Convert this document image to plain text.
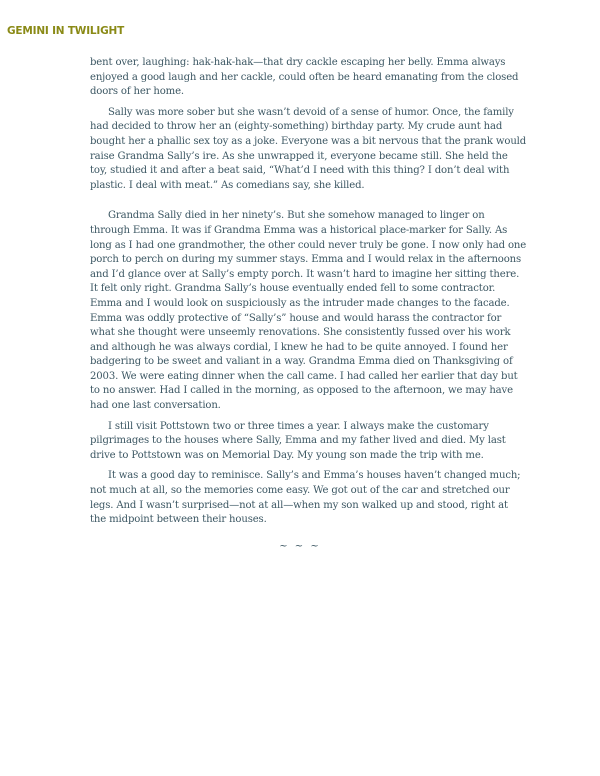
GEMINI IN TWILIGHT

bent over, laughing: hak-hak-hak—that dry cackle escaping her belly. Emma always enjoyed a good laugh and her cackle, could often be heard emanating from the closed doors of her home.

Sally was more sober but she wasn’t devoid of a sense of humor. Once, the family had decided to throw her an (eighty-something) birthday party. My crude aunt had bought her a phallic sex toy as a joke. Everyone was a bit nervous that the prank would raise Grandma Sally’s ire. As she unwrapped it, everyone became still. She held the toy, studied it and after a beat said, “What’d I need with this thing? I don’t deal with plastic. I deal with meat.” As comedians say, she killed.

Grandma Sally died in her ninety’s. But she somehow managed to linger on through Emma. It was if Grandma Emma was a historical place-marker for Sally. As long as I had one grandmother, the other could never truly be gone. I now only had one porch to perch on during my summer stays. Emma and I would relax in the afternoons and I’d glance over at Sally’s empty porch. It wasn’t hard to imagine her sitting there. It felt only right. Grandma Sally’s house eventually ended fell to some contractor. Emma and I would look on suspiciously as the intruder made changes to the facade. Emma was oddly protective of “Sally’s” house and would harass the contractor for what she thought were unseemly renovations. She consistently fussed over his work and although he was always cordial, I knew he had to be quite annoyed. I found her badgering to be sweet and valiant in a way. Grandma Emma died on Thanksgiving of 2003. We were eating dinner when the call came. I had called her earlier that day but to no answer. Had I called in the morning, as opposed to the afternoon, we may have had one last conversation.

I still visit Pottstown two or three times a year. I always make the customary pilgrimages to the houses where Sally, Emma and my father lived and died. My last drive to Pottstown was on Memorial Day. My young son made the trip with me.

It was a good day to reminisce. Sally’s and Emma’s houses haven’t changed much; not much at all, so the memories come easy. We got out of the car and stretched our legs. And I wasn’t surprised—not at all—when my son walked up and stood, right at the midpoint between their houses.

~ ~ ~
